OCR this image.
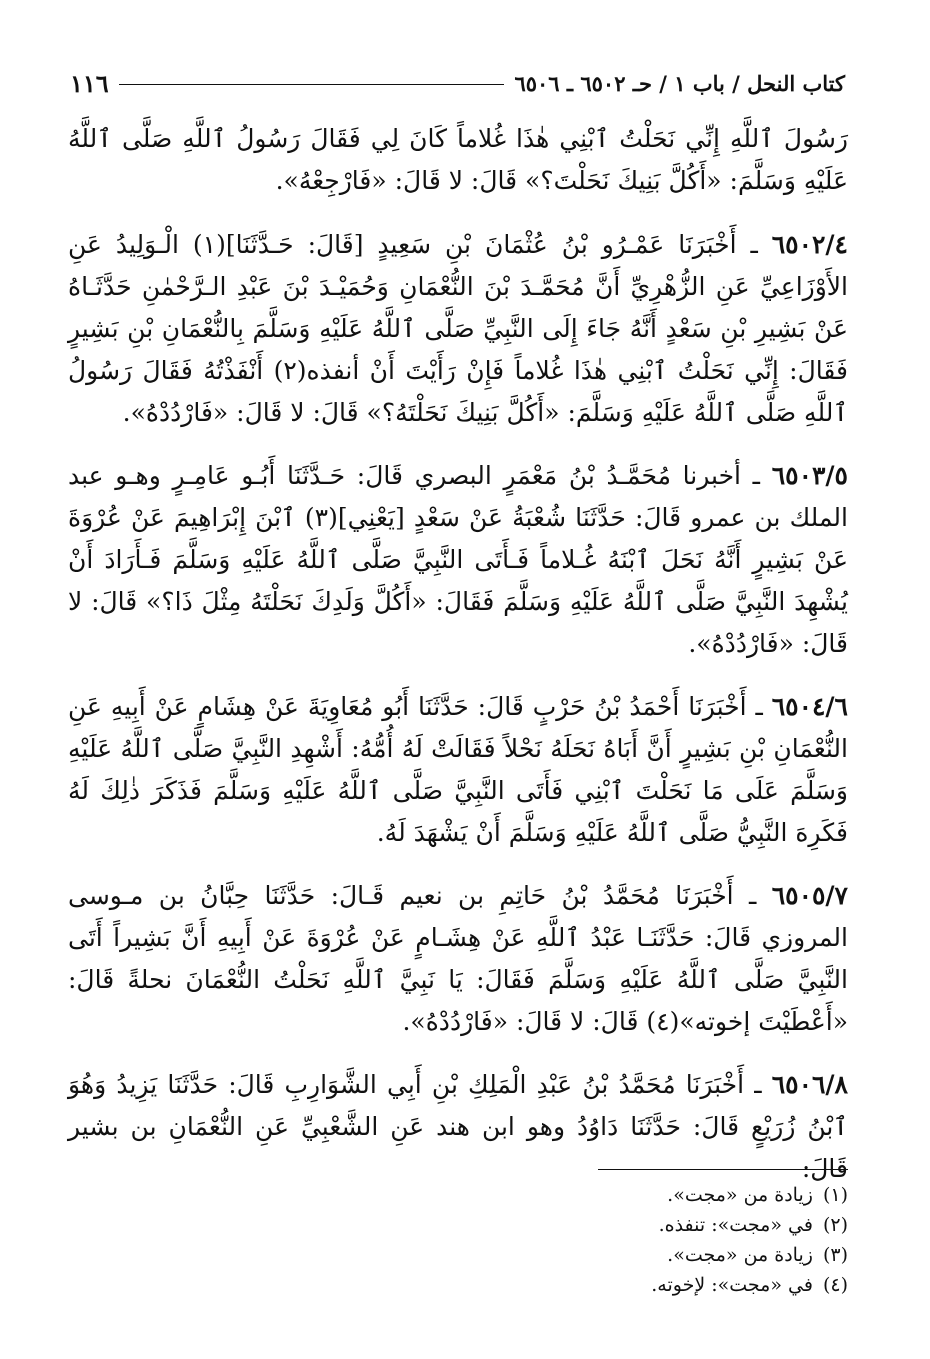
كتاب النحل / باب ١ / حـ ٦٥٠٢ ـ ٦٥٠٦
١١٦

رَسُولَ ٱللَّهِ إِنِّي نَحَلْتُ ٱبْنِي هٰذَا غُلاماً كَانَ لِي فَقَالَ رَسُولُ ٱللَّهِ صَلَّى ٱللَّهُ عَلَيْهِ وَسَلَّمَ: «أَكُلَّ بَنِيكَ نَحَلْتَ؟» قَالَ: لا قَالَ: «فَارْجِعْهُ».

٦٥٠٢/٤ ـ أَخْبَرَنَا عَمْـرُو بْنُ عُثْمَانَ بْنِ سَعِيدٍ [قَالَ: حَـدَّثَنَا](١) الْـوَلِيدُ عَنِ الأَوْزَاعِيِّ عَنِ الزُّهْرِيِّ أَنَّ مُحَمَّـدَ بْنَ النُّعْمَانِ وَحُمَيْـدَ بْنَ عَبْدِ الـرَّحْمٰنِ حَدَّثَـاهُ عَنْ بَشِيرِ بْنِ سَعْدٍ أَنَّهُ جَاءَ إِلَى النَّبِيِّ صَلَّى ٱللَّهُ عَلَيْهِ وَسَلَّمَ بِالنُّعْمَانِ بْنِ بَشِيرٍ فَقَالَ: إِنِّي نَحَلْتُ ٱبْنِي هٰذَا غُلاماً فَإِنْ رَأَيْتَ أَنْ أنفذه(٢) أَنْفَذْتُهُ فَقَالَ رَسُولُ ٱللَّهِ صَلَّى ٱللَّهُ عَلَيْهِ وَسَلَّمَ: «أَكُلَّ بَنِيكَ نَحَلْتَهُ؟» قَالَ: لا قَالَ: «فَارْدُدْهُ».

٦٥٠٣/٥ ـ أخبرنا مُحَمَّـدُ بْنُ مَعْمَرٍ البصري قَالَ: حَـدَّثَنَا أَبُـو عَامِـرٍ وهـو عبد الملك بن عمرو قَالَ: حَدَّثَنَا شُعْبَةُ عَنْ سَعْدٍ [يَعْنِي](٣) ٱبْنَ إِبْرَاهِيمَ عَنْ عُرْوَةَ عَنْ بَشِيرٍ أَنَّهُ نَحَلَ ٱبْنَهُ غُـلاماً فَـأَتَى النَّبِيَّ صَلَّى ٱللَّهُ عَلَيْهِ وَسَلَّمَ فَـأَرَادَ أَنْ يُشْهِدَ النَّبِيَّ صَلَّى ٱللَّهُ عَلَيْهِ وَسَلَّمَ فَقَالَ: «أَكُلَّ وَلَدِكَ نَحَلْتَهُ مِثْلَ ذَا؟» قَالَ: لا قَالَ: «فَارْدُدْهُ».

٦٥٠٤/٦ ـ أَخْبَرَنَا أَحْمَدُ بْنُ حَرْبٍ قَالَ: حَدَّثَنَا أَبُو مُعَاوِيَةَ عَنْ هِشَامٍ عَنْ أَبِيهِ عَنِ النُّعْمَانِ بْنِ بَشِيرٍ أَنَّ أَبَاهُ نَحَلَهُ نَحْلاً فَقَالَتْ لَهُ أُمُّهُ: أَشْهِدِ النَّبِيَّ صَلَّى ٱللَّهُ عَلَيْهِ وَسَلَّمَ عَلَى مَا نَحَلْتَ ٱبْنِي فَأَتَى النَّبِيَّ صَلَّى ٱللَّهُ عَلَيْهِ وَسَلَّمَ فَذَكَرَ ذٰلِكَ لَهُ فَكَرِهَ النَّبِيُّ صَلَّى ٱللَّهُ عَلَيْهِ وَسَلَّمَ أَنْ يَشْهَدَ لَهُ.

٦٥٠٥/٧ ـ أَخْبَرَنَا مُحَمَّدُ بْنُ حَاتِمِ بن نعيم قَـالَ: حَدَّثَنَا حِبَّانُ بن مـوسى المروزي قَالَ: حَدَّثَنَـا عَبْدُ ٱللَّهِ عَنْ هِشَـامٍ عَنْ عُرْوَةَ عَنْ أَبِيهِ أَنَّ بَشِيراً أَتَى النَّبِيَّ صَلَّى ٱللَّهُ عَلَيْهِ وَسَلَّمَ فَقَالَ: يَا نَبِيَّ ٱللَّهِ نَحَلْتُ النُّعْمَانَ نحلةً قَالَ: «أَعْطَيْتَ إخوته»(٤) قَالَ: لا قَالَ: «فَارْدُدْهُ».

٦٥٠٦/٨ ـ أَخْبَرَنَا مُحَمَّدُ بْنُ عَبْدِ الْمَلِكِ بْنِ أَبِي الشَّوَارِبِ قَالَ: حَدَّثَنَا يَزِيدُ وَهُوَ ٱبْنُ زُرَيْعٍ قَالَ: حَدَّثَنَا دَاوُدُ وهو ابن هند عَنِ الشَّعْبِيِّ عَنِ النُّعْمَانِ بن بشير قَالَ:

(١)زيادة من «مجت».
(٢)في «مجت»: تنفذه.
(٣)زيادة من «مجت».
(٤)في «مجت»: لإخوته.
